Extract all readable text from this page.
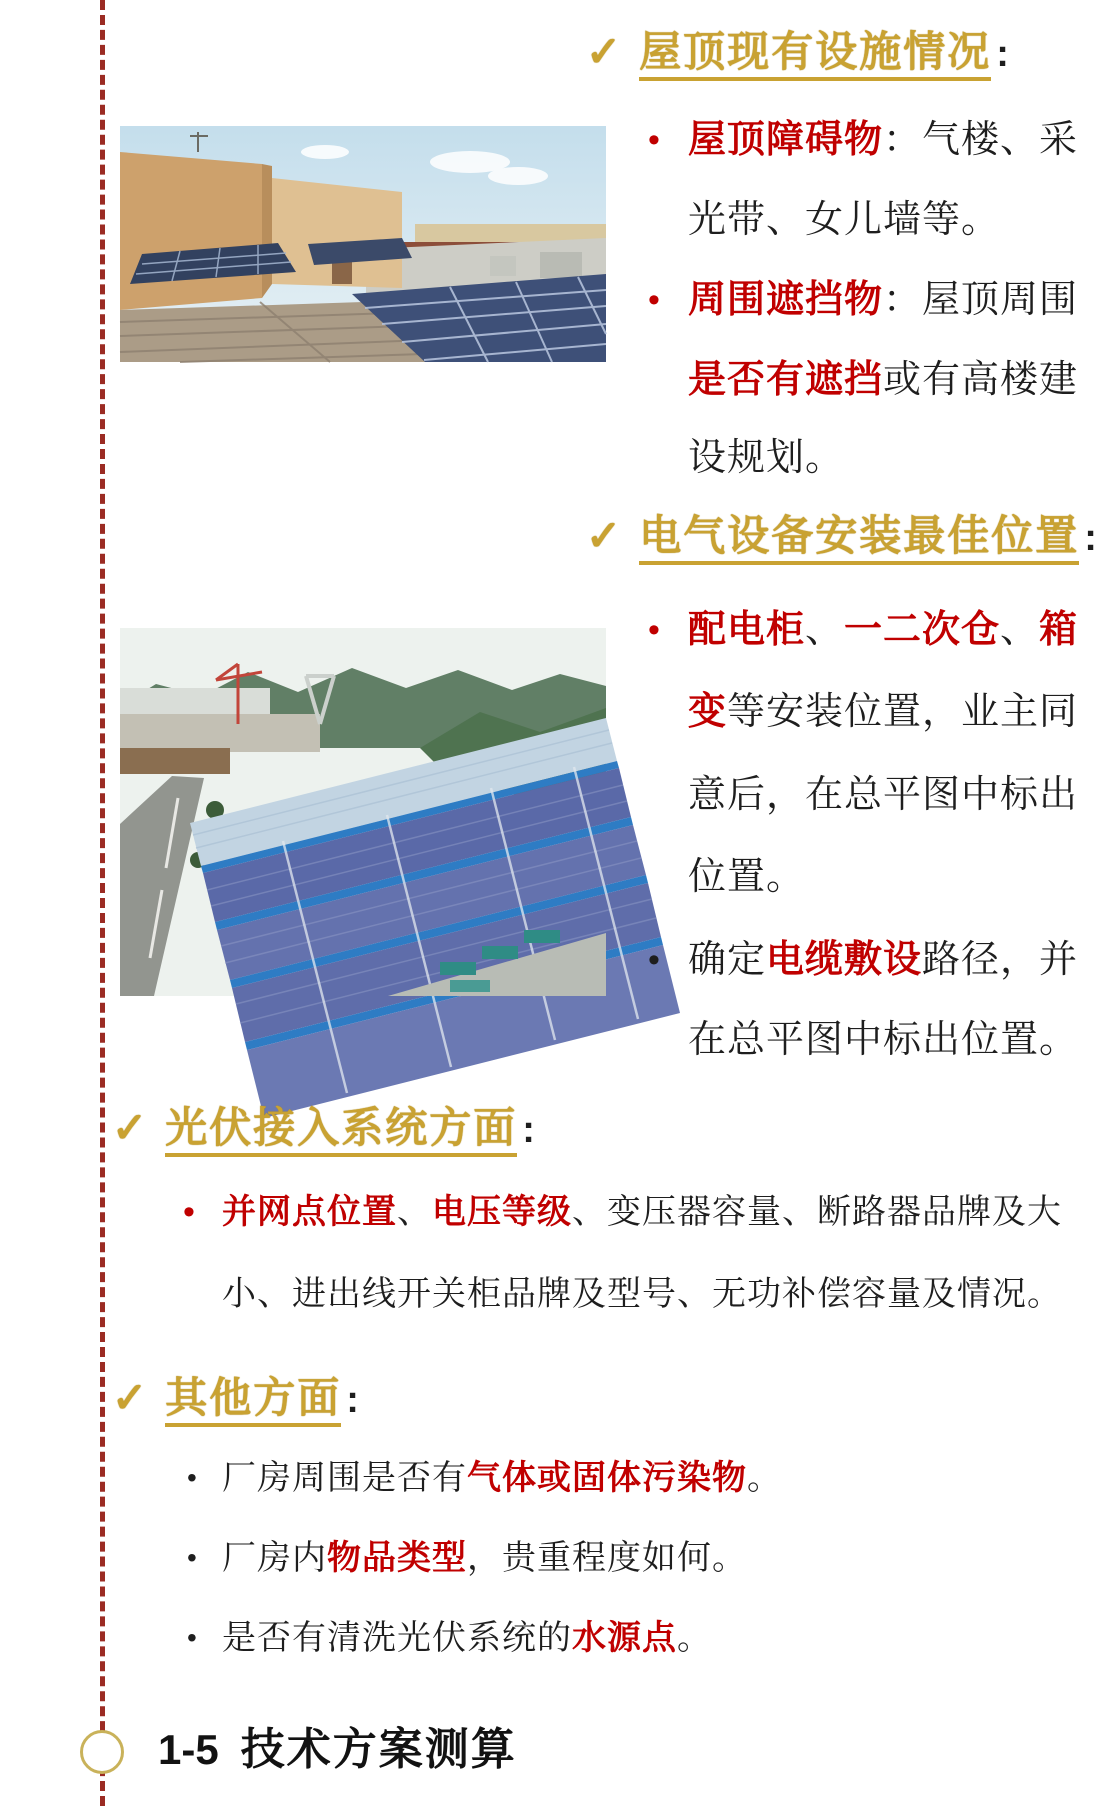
✓ 屋顶现有设施情况 :
• 屋顶障碍物：气楼、采
光带、女儿墙等。
• 周围遮挡物：屋顶周围
是否有遮挡或有高楼建
设规划。
✓ 电气设备安装最佳位置 :
• 配电柜、一二次仓、箱
变等安装位置，业主同
意后，在总平图中标出
位置。
• 确定电缆敷设路径，并
在总平图中标出位置。
✓ 光伏接入系统方面 :
• 并网点位置、电压等级、变压器容量、断路器品牌及大
小、进出线开关柜品牌及型号、无功补偿容量及情况。
✓ 其他方面 :
• 厂房周围是否有气体或固体污染物。
• 厂房内物品类型，贵重程度如何。
• 是否有清洗光伏系统的水源点。
1-5 技术方案测算
